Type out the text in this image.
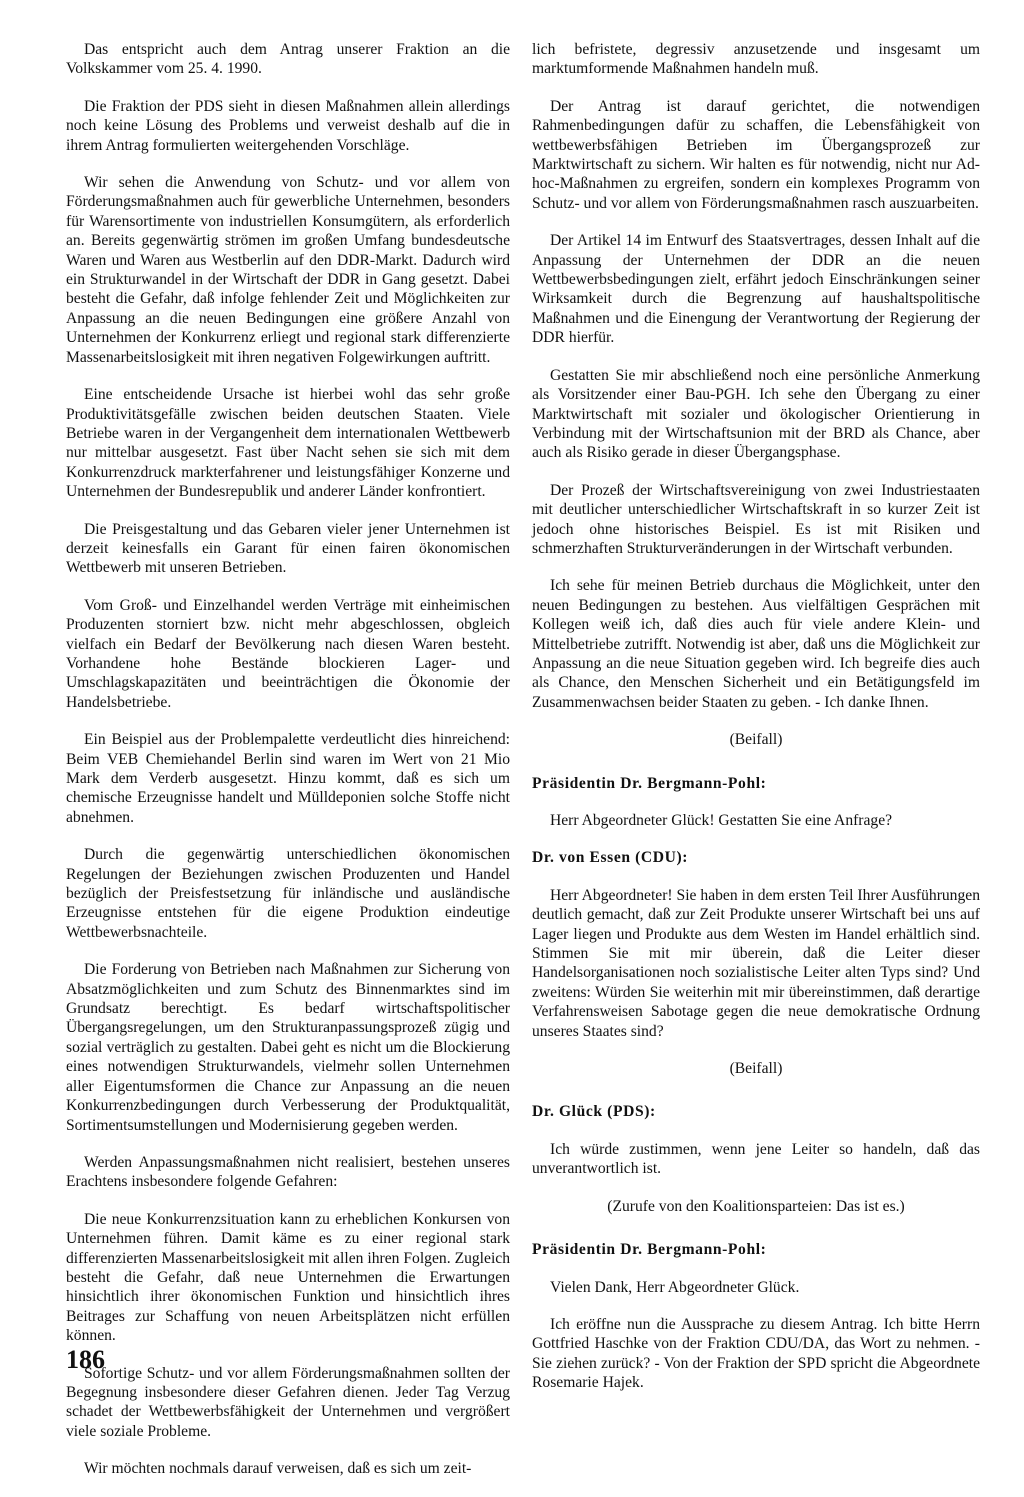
Das entspricht auch dem Antrag unserer Fraktion an die Volkskammer vom 25. 4. 1990.

Die Fraktion der PDS sieht in diesen Maßnahmen allein allerdings noch keine Lösung des Problems und verweist deshalb auf die in ihrem Antrag formulierten weitergehenden Vorschläge.

Wir sehen die Anwendung von Schutz- und vor allem von Förderungsmaßnahmen auch für gewerbliche Unternehmen, besonders für Warensortimente von industriellen Konsumgütern, als erforderlich an. Bereits gegenwärtig strömen im großen Umfang bundesdeutsche Waren und Waren aus Westberlin auf den DDR-Markt. Dadurch wird ein Strukturwandel in der Wirtschaft der DDR in Gang gesetzt. Dabei besteht die Gefahr, daß infolge fehlender Zeit und Möglichkeiten zur Anpassung an die neuen Bedingungen eine größere Anzahl von Unternehmen der Konkurrenz erliegt und regional stark differenzierte Massenarbeitslosigkeit mit ihren negativen Folgewirkungen auftritt.

Eine entscheidende Ursache ist hierbei wohl das sehr große Produktivitätsgefälle zwischen beiden deutschen Staaten. Viele Betriebe waren in der Vergangenheit dem internationalen Wettbewerb nur mittelbar ausgesetzt. Fast über Nacht sehen sie sich mit dem Konkurrenzdruck markterfahrener und leistungsfähiger Konzerne und Unternehmen der Bundesrepublik und anderer Länder konfrontiert.

Die Preisgestaltung und das Gebaren vieler jener Unternehmen ist derzeit keinesfalls ein Garant für einen fairen ökonomischen Wettbewerb mit unseren Betrieben.

Vom Groß- und Einzelhandel werden Verträge mit einheimischen Produzenten storniert bzw. nicht mehr abgeschlossen, obgleich vielfach ein Bedarf der Bevölkerung nach diesen Waren besteht. Vorhandene hohe Bestände blockieren Lager- und Umschlagskapazitäten und beeinträchtigen die Ökonomie der Handelsbetriebe.

Ein Beispiel aus der Problempalette verdeutlicht dies hinreichend: Beim VEB Chemiehandel Berlin sind waren im Wert von 21 Mio Mark dem Verderb ausgesetzt. Hinzu kommt, daß es sich um chemische Erzeugnisse handelt und Mülldeponien solche Stoffe nicht abnehmen.

Durch die gegenwärtig unterschiedlichen ökonomischen Regelungen der Beziehungen zwischen Produzenten und Handel bezüglich der Preisfestsetzung für inländische und ausländische Erzeugnisse entstehen für die eigene Produktion eindeutige Wettbewerbsnachteile.

Die Forderung von Betrieben nach Maßnahmen zur Sicherung von Absatzmöglichkeiten und zum Schutz des Binnenmarktes sind im Grundsatz berechtigt. Es bedarf wirtschaftspolitischer Übergangsregelungen, um den Strukturanpassungsprozeß zügig und sozial verträglich zu gestalten. Dabei geht es nicht um die Blockierung eines notwendigen Strukturwandels, vielmehr sollen Unternehmen aller Eigentumsformen die Chance zur Anpassung an die neuen Konkurrenzbedingungen durch Verbesserung der Produktqualität, Sortimentsumstellungen und Modernisierung gegeben werden.

Werden Anpassungsmaßnahmen nicht realisiert, bestehen unseres Erachtens insbesondere folgende Gefahren:

Die neue Konkurrenzsituation kann zu erheblichen Konkursen von Unternehmen führen. Damit käme es zu einer regional stark differenzierten Massenarbeitslosigkeit mit allen ihren Folgen. Zugleich besteht die Gefahr, daß neue Unternehmen die Erwartungen hinsichtlich ihrer ökonomischen Funktion und hinsichtlich ihres Beitrages zur Schaffung von neuen Arbeitsplätzen nicht erfüllen können.

Sofortige Schutz- und vor allem Förderungsmaßnahmen sollten der Begegnung insbesondere dieser Gefahren dienen. Jeder Tag Verzug schadet der Wettbewerbsfähigkeit der Unternehmen und vergrößert viele soziale Probleme.

Wir möchten nochmals darauf verweisen, daß es sich um zeit-

lich befristete, degressiv anzusetzende und insgesamt um marktumformende Maßnahmen handeln muß.

Der Antrag ist darauf gerichtet, die notwendigen Rahmenbedingungen dafür zu schaffen, die Lebensfähigkeit von wettbewerbsfähigen Betrieben im Übergangsprozeß zur Marktwirtschaft zu sichern. Wir halten es für notwendig, nicht nur Ad-hoc-Maßnahmen zu ergreifen, sondern ein komplexes Programm von Schutz- und vor allem von Förderungsmaßnahmen rasch auszuarbeiten.

Der Artikel 14 im Entwurf des Staatsvertrages, dessen Inhalt auf die Anpassung der Unternehmen der DDR an die neuen Wettbewerbsbedingungen zielt, erfährt jedoch Einschränkungen seiner Wirksamkeit durch die Begrenzung auf haushaltspolitische Maßnahmen und die Einengung der Verantwortung der Regierung der DDR hierfür.

Gestatten Sie mir abschließend noch eine persönliche Anmerkung als Vorsitzender einer Bau-PGH. Ich sehe den Übergang zu einer Marktwirtschaft mit sozialer und ökologischer Orientierung in Verbindung mit der Wirtschaftsunion mit der BRD als Chance, aber auch als Risiko gerade in dieser Übergangsphase.

Der Prozeß der Wirtschaftsvereinigung von zwei Industriestaaten mit deutlicher unterschiedlicher Wirtschaftskraft in so kurzer Zeit ist jedoch ohne historisches Beispiel. Es ist mit Risiken und schmerzhaften Strukturveränderungen in der Wirtschaft verbunden.

Ich sehe für meinen Betrieb durchaus die Möglichkeit, unter den neuen Bedingungen zu bestehen. Aus vielfältigen Gesprächen mit Kollegen weiß ich, daß dies auch für viele andere Klein- und Mittelbetriebe zutrifft. Notwendig ist aber, daß uns die Möglichkeit zur Anpassung an die neue Situation gegeben wird. Ich begreife dies auch als Chance, den Menschen Sicherheit und ein Betätigungsfeld im Zusammenwachsen beider Staaten zu geben. - Ich danke Ihnen.

(Beifall)

Präsidentin Dr. Bergmann-Pohl:

Herr Abgeordneter Glück! Gestatten Sie eine Anfrage?

Dr. von Essen (CDU):

Herr Abgeordneter! Sie haben in dem ersten Teil Ihrer Ausführungen deutlich gemacht, daß zur Zeit Produkte unserer Wirtschaft bei uns auf Lager liegen und Produkte aus dem Westen im Handel erhältlich sind. Stimmen Sie mit mir überein, daß die Leiter dieser Handelsorganisationen noch sozialistische Leiter alten Typs sind? Und zweitens: Würden Sie weiterhin mit mir übereinstimmen, daß derartige Verfahrensweisen Sabotage gegen die neue demokratische Ordnung unseres Staates sind?

(Beifall)

Dr. Glück (PDS):

Ich würde zustimmen, wenn jene Leiter so handeln, daß das unverantwortlich ist.

(Zurufe von den Koalitionsparteien: Das ist es.)

Präsidentin Dr. Bergmann-Pohl:

Vielen Dank, Herr Abgeordneter Glück.

Ich eröffne nun die Aussprache zu diesem Antrag. Ich bitte Herrn Gottfried Haschke von der Fraktion CDU/DA, das Wort zu nehmen. - Sie ziehen zurück? - Von der Fraktion der SPD spricht die Abgeordnete Rosemarie Hajek.

186
